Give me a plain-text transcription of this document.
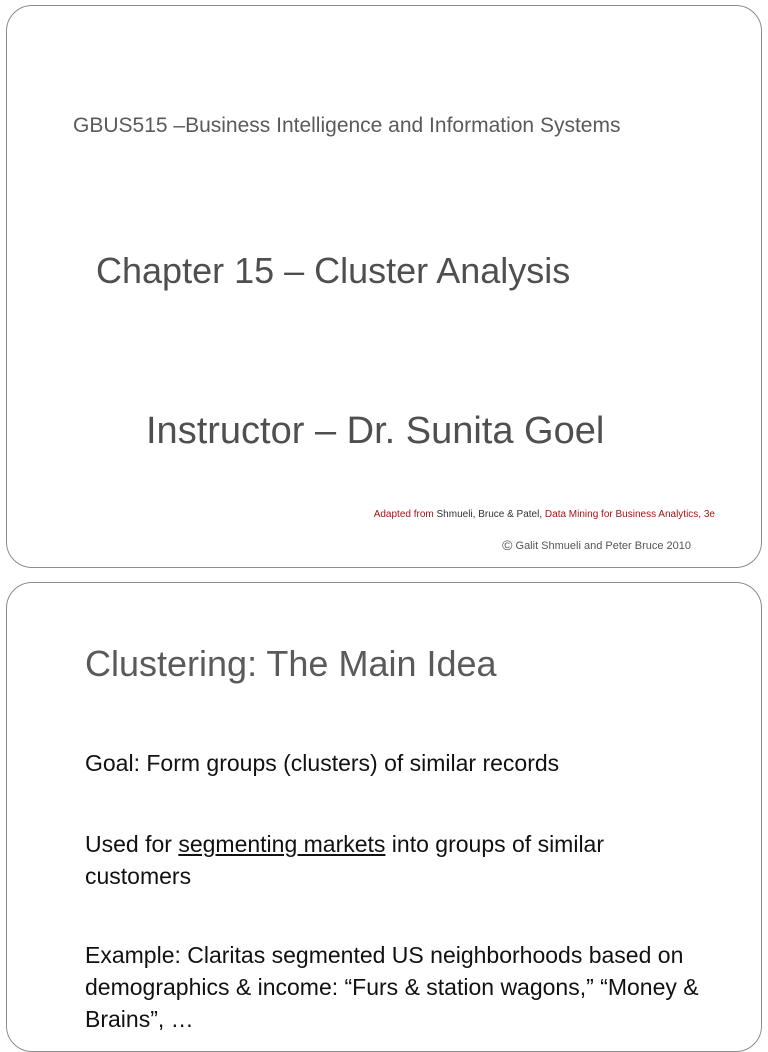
GBUS515 –Business Intelligence and Information Systems

Chapter 15 – Cluster Analysis

Instructor – Dr. Sunita Goel

Adapted from Shmueli, Bruce & Patel, Data Mining for Business Analytics, 3e

© Galit Shmueli and Peter Bruce 2010

Clustering: The Main Idea

Goal: Form groups (clusters) of similar records

Used for segmenting markets into groups of similar customers

Example: Claritas segmented US neighborhoods based on demographics & income: “Furs & station wagons,” “Money & Brains”, …
